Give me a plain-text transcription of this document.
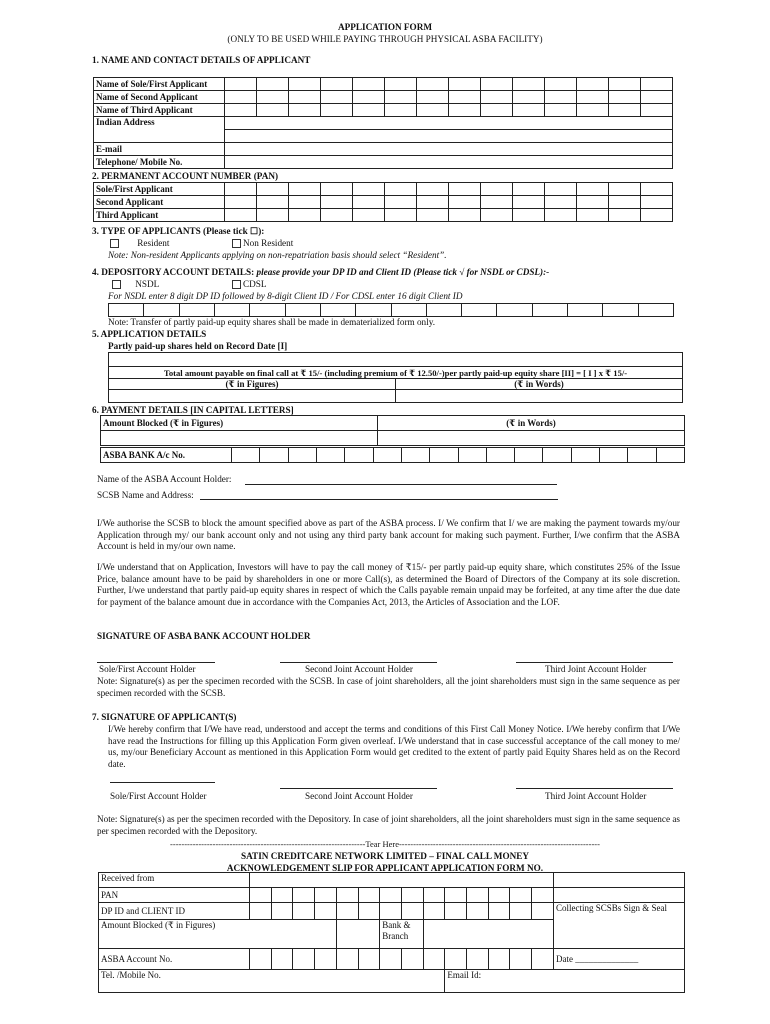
APPLICATION FORM
(ONLY TO BE USED WHILE PAYING THROUGH PHYSICAL ASBA FACILITY)
1. NAME AND CONTACT DETAILS OF APPLICANT
Name of Sole/First Applicant														
Name of Second Applicant														
Name of Third Applicant														
Indian Address														

E-mail														
Telephone/ Mobile No.														
2. PERMANENT ACCOUNT NUMBER (PAN)
Sole/First Applicant														
Second Applicant														
Third Applicant														
3. TYPE OF APPLICANTS (Please tick ☐):
Resident	Non Resident
Note: Non-resident Applicants applying on non-repatriation basis should select “Resident”.
4. DEPOSITORY ACCOUNT DETAILS: please provide your DP ID and Client ID (Please tick √ for NSDL or CDSL):-
NSDL	CDSL
For NSDL enter 8 digit DP ID followed by 8-digit Client ID / For CDSL enter 16 digit Client ID

Note: Transfer of partly paid-up equity shares shall be made in dematerialized form only.
5. APPLICATION DETAILS
Partly paid-up shares held on Record Date [I]

Total amount payable on final call at ₹ 15/- (including premium of ₹ 12.50/-)per partly paid-up equity share [II] = [ I ] x ₹ 15/-	
(₹ in Figures)	(₹ in Words)

6. PAYMENT DETAILS [IN CAPITAL LETTERS]
Amount Blocked (₹ in Figures)	(₹ in Words)

ASBA BANK A/c No.																
Name of the ASBA Account Holder:
SCSB Name and Address:
I/We authorise the SCSB to block the amount specified above as part of the ASBA process. I/ We confirm that I/ we are making the payment towards my/our Application through my/ our bank account only and not using any third party bank account for making such payment. Further, I/we confirm that the ASBA Account is held in my/our own name.
I/We understand that on Application, Investors will have to pay the call money of ₹15/- per partly paid-up equity share, which constitutes 25% of the Issue Price, balance amount have to be paid by shareholders in one or more Call(s), as determined the Board of Directors of the Company at its sole discretion. Further, I/we understand that partly paid-up equity shares in respect of which the Calls payable remain unpaid may be forfeited, at any time after the due date for payment of the balance amount due in accordance with the Companies Act, 2013, the Articles of Association and the LOF.
SIGNATURE OF ASBA BANK ACCOUNT HOLDER
Sole/First Account Holder	Second Joint Account Holder	Third Joint Account Holder
Note: Signature(s) as per the specimen recorded with the SCSB. In case of joint shareholders, all the joint shareholders must sign in the same sequence as per specimen recorded with the SCSB.
7. SIGNATURE OF APPLICANT(S)
I/We hereby confirm that I/We have read, understood and accept the terms and conditions of this First Call Money Notice. I/We hereby confirm that I/We have read the Instructions for filling up this Application Form given overleaf. I/We understand that in case successful acceptance of the call money to me/ us, my/our Beneficiary Account as mentioned in this Application Form would get credited to the extent of partly paid Equity Shares held as on the Record date.
Sole/First Account Holder	Second Joint Account Holder	Third Joint Account Holder
Note: Signature(s) as per the specimen recorded with the Depository. In case of joint shareholders, all the joint shareholders must sign in the same sequence as per specimen recorded with the Depository.
---------------------------------------------------------------------Tear Here-----------------------------------------------------------------------
SATIN CREDITCARE NETWORK LIMITED – FINAL CALL MONEY
ACKNOWLEDGEMENT SLIP FOR APPLICANT APPLICATION FORM NO.
Received from															
PAN															
DP ID and CLIENT ID															Collecting SCSBs Sign & Seal
Amount Blocked (₹ in Figures)							Bank & Branch								
ASBA Account No.															Date ______________
Tel. /Mobile No.										Email Id:					
